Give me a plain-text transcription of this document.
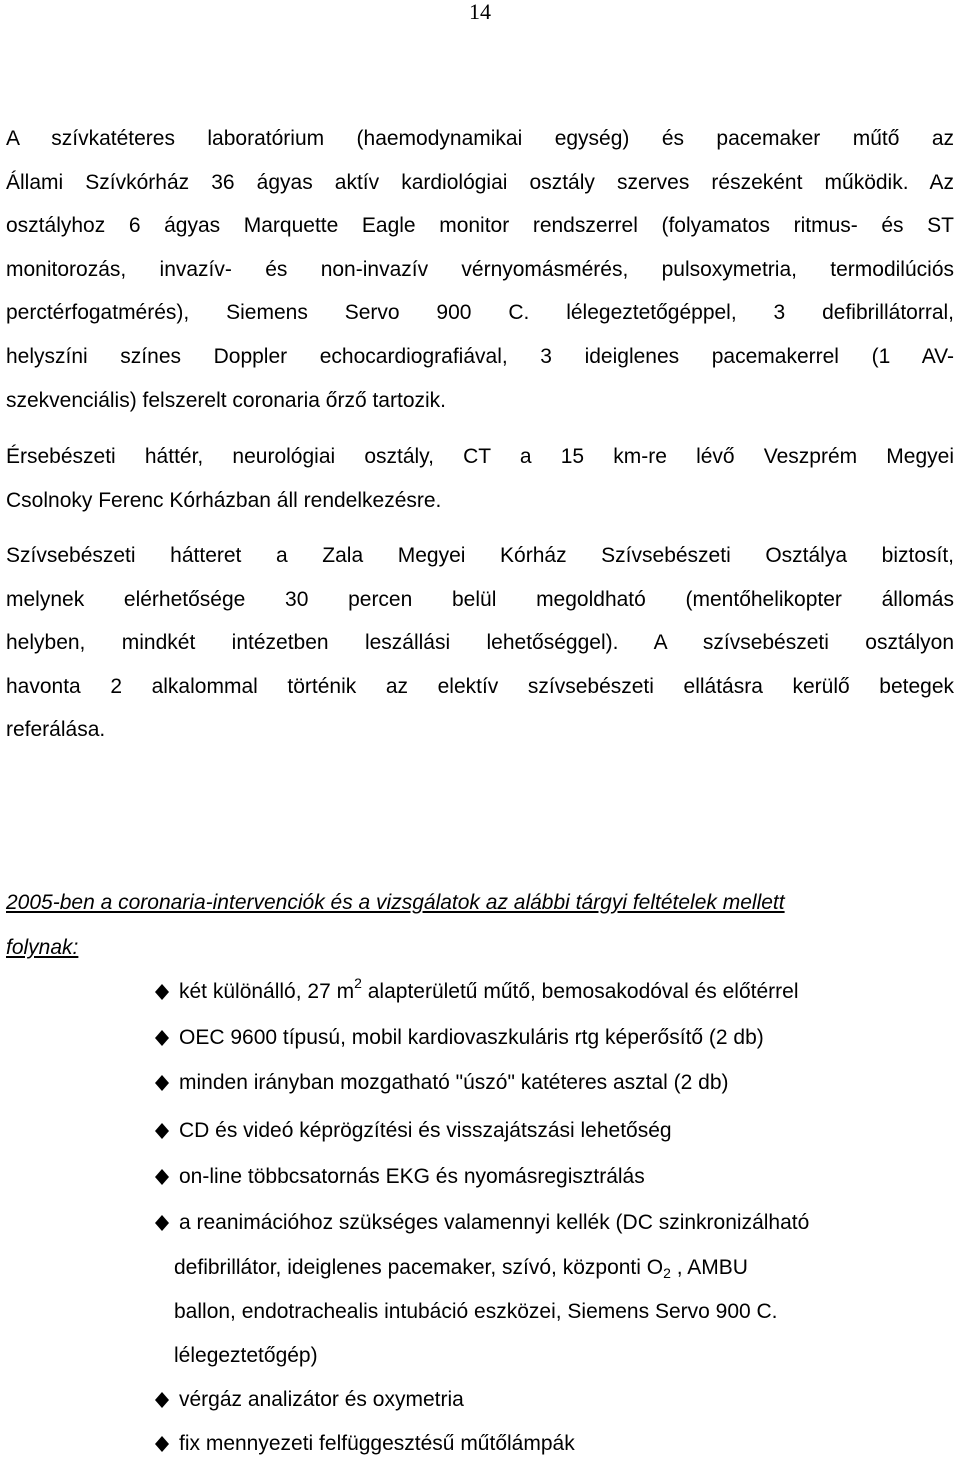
14
A szívkatéteres laboratórium (haemodynamikai egység) és pacemaker műtő az
Állami Szívkórház 36 ágyas aktív kardiológiai osztály szerves részeként működik. Az
osztályhoz 6 ágyas Marquette Eagle monitor rendszerrel (folyamatos ritmus- és ST
monitorozás, invazív- és non-invazív vérnyomásmérés, pulsoxymetria, termodilúciós
perctérfogatmérés), Siemens Servo 900 C. lélegeztetőgéppel, 3 defibrillátorral,
helyszíni színes Doppler echocardiografiával, 3 ideiglenes pacemakerrel (1 AV-
szekvenciális) felszerelt coronaria őrző tartozik.
Érsebészeti háttér, neurológiai osztály, CT a 15 km-re lévő Veszprém Megyei
Csolnoky Ferenc Kórházban áll rendelkezésre.
Szívsebészeti hátteret a Zala Megyei Kórház Szívsebészeti Osztálya biztosít,
melynek elérhetősége 30 percen belül megoldható (mentőhelikopter állomás
helyben, mindkét intézetben leszállási lehetőséggel). A szívsebészeti osztályon
havonta 2 alkalommal történik az elektív szívsebészeti ellátásra kerülő betegek
referálása.
2005-ben a coronaria-intervenciók és a vizsgálatok az alábbi tárgyi feltételek mellett
folynak:
két különálló, 27 $m^2$ alapterületű műtő, bemosakodóval és előtérrel
OEC 9600 típusú, mobil kardiovaszkuláris rtg képerősítő (2 db)
minden irányban mozgatható "úszó" katéteres asztal (2 db)
CD és videó képrögzítési és visszajátszási lehetőség
on-line többcsatornás EKG és nyomásregisztrálás
a reanimációhoz szükséges valamennyi kellék (DC szinkronizálható
defibrillátor, ideiglenes pacemaker, szívó, központi $O_2$ , AMBU
ballon, endotrachealis intubáció eszközei, Siemens Servo 900 C.
lélegeztetőgép)
vérgáz analizátor és oxymetria
fix mennyezeti felfüggesztésű műtőlámpák
